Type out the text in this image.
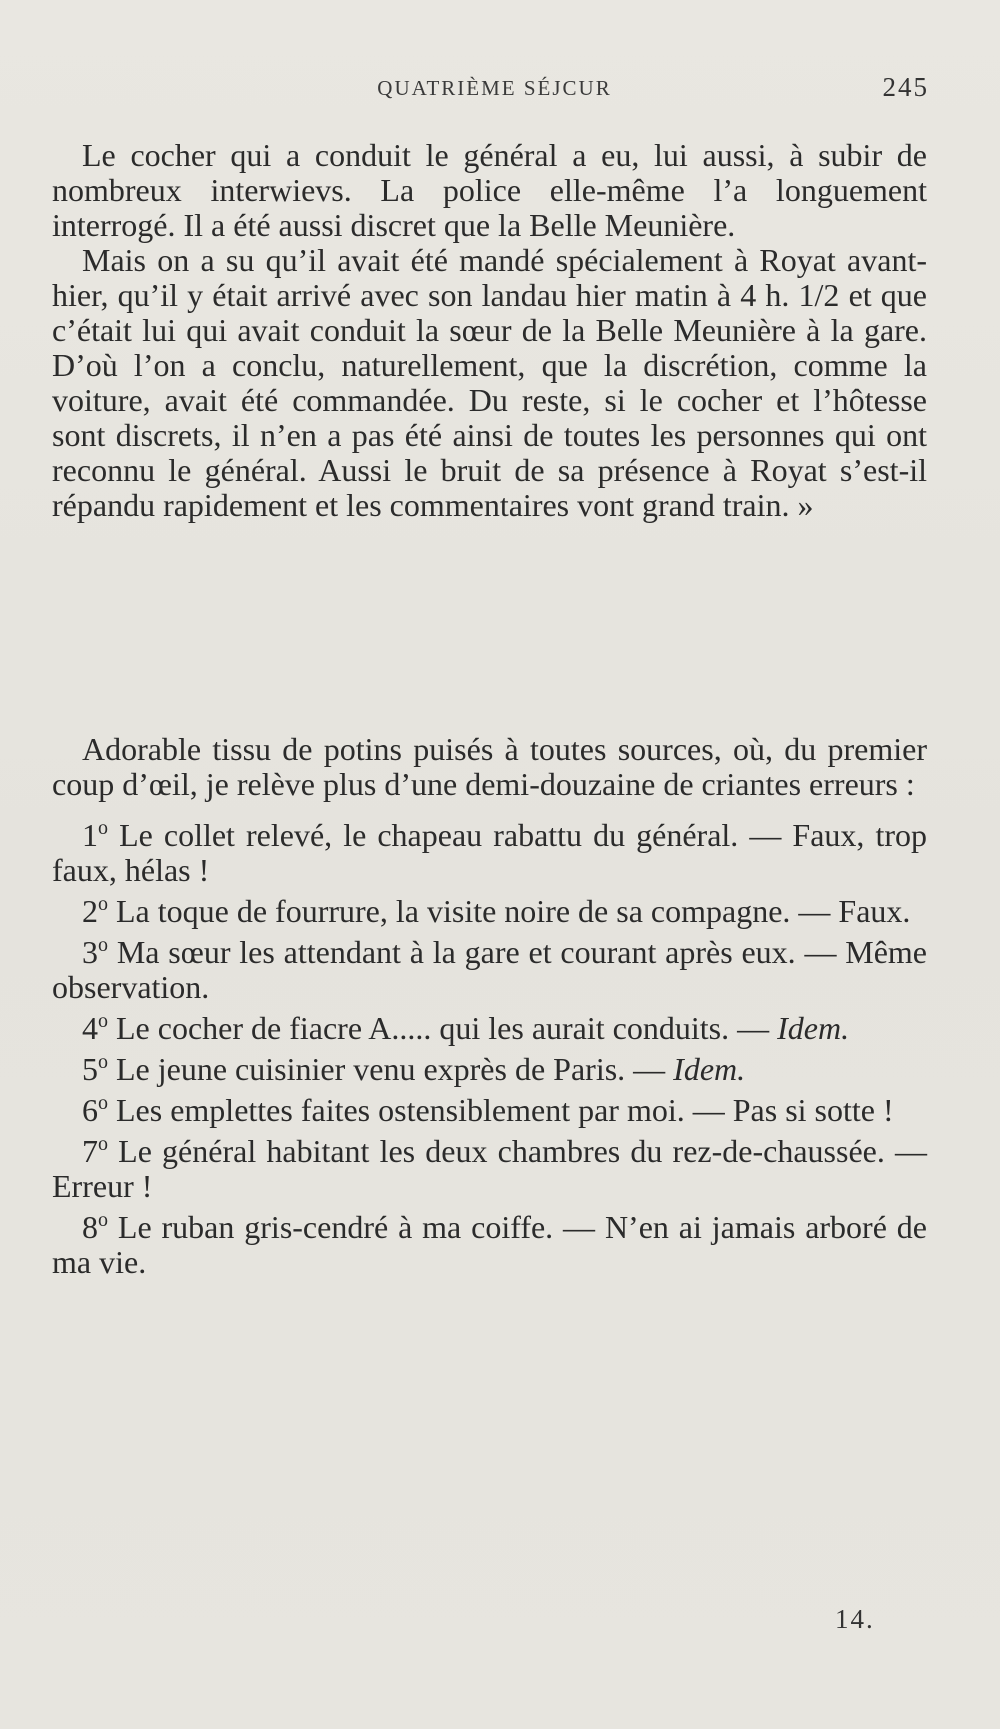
QUATRIÈME SÉJCUR	245

Le cocher qui a conduit le général a eu, lui aussi, à subir de nombreux interwievs. La police elle-même l’a longuement interrogé. Il a été aussi discret que la Belle Meunière.

Mais on a su qu’il avait été mandé spécialement à Royat avant-hier, qu’il y était arrivé avec son landau hier matin à 4 h. 1/2 et que c’était lui qui avait conduit la sœur de la Belle Meunière à la gare. D’où l’on a conclu, naturellement, que la discrétion, comme la voiture, avait été commandée. Du reste, si le cocher et l’hôtesse sont discrets, il n’en a pas été ainsi de toutes les personnes qui ont reconnu le général. Aussi le bruit de sa présence à Royat s’est-il répandu rapidement et les commentaires vont grand train. »

Adorable tissu de potins puisés à toutes sources, où, du premier coup d’œil, je relève plus d’une demi-douzaine de criantes erreurs :

1$^o$ Le collet relevé, le chapeau rabattu du général. — Faux, trop faux, hélas !

2$^o$ La toque de fourrure, la visite noire de sa compagne. — Faux.

3$^o$ Ma sœur les attendant à la gare et courant après eux. — Même observation.

4$^o$ Le cocher de fiacre A..... qui les aurait conduits. — Idem.

5$^o$ Le jeune cuisinier venu exprès de Paris. — Idem.

6$^o$ Les emplettes faites ostensiblement par moi. — Pas si sotte !

7$^o$ Le général habitant les deux chambres du rez-de-chaussée. — Erreur !

8$^o$ Le ruban gris-cendré à ma coiffe. — N’en ai jamais arboré de ma vie.

14.
